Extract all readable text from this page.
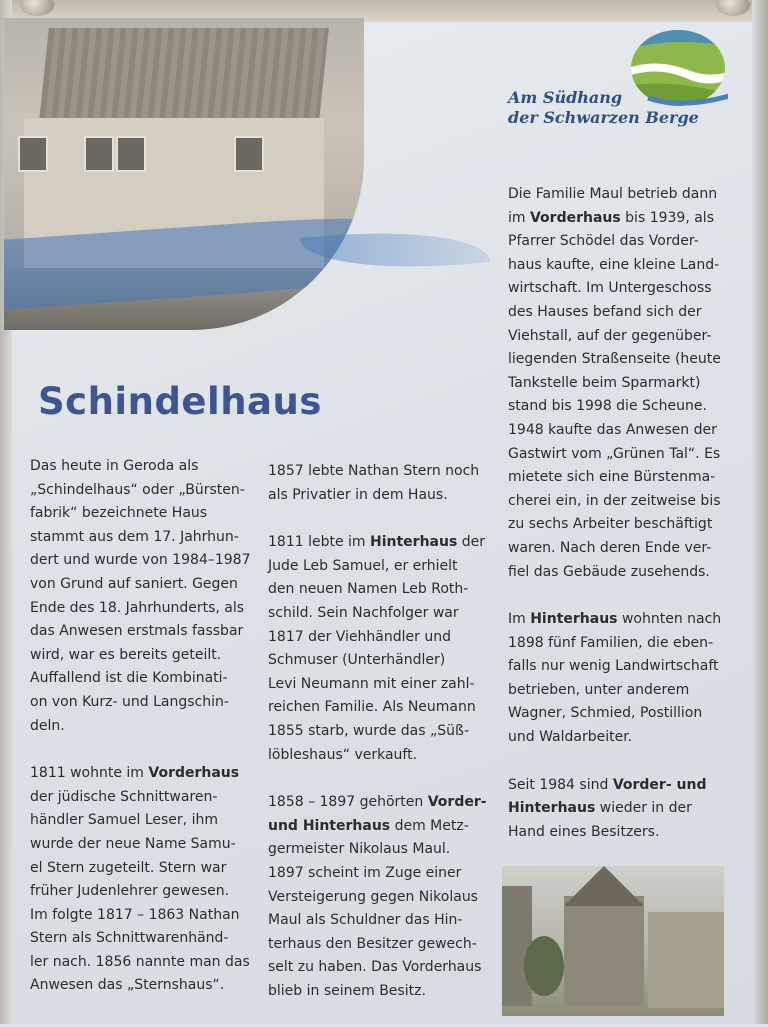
Am Südhang
der Schwarzen Berge
Schindelhaus

Das heute in Geroda als
„Schindelhaus“ oder „Bürsten-
fabrik“ bezeichnete Haus
stammt aus dem 17. Jahrhun-
dert und wurde von 1984–1987
von Grund auf saniert. Gegen
Ende des 18. Jahrhunderts, als
das Anwesen erstmals fassbar
wird, war es bereits geteilt.
Auffallend ist die Kombinati-
on von Kurz- und Langschin-
deln.

1811 wohnte im Vorderhaus
der jüdische Schnittwaren-
händler Samuel Leser, ihm
wurde der neue Name Samu-
el Stern zugeteilt. Stern war
früher Judenlehrer gewesen.
Im folgte 1817 – 1863 Nathan
Stern als Schnittwarenhänd-
ler nach. 1856 nannte man das
Anwesen das „Sternshaus“.

1857 lebte Nathan Stern noch
als Privatier in dem Haus.

1811 lebte im Hinterhaus der
Jude Leb Samuel, er erhielt
den neuen Namen Leb Roth-
schild. Sein Nachfolger war
1817 der Viehhändler und
Schmuser (Unterhändler)
Levi Neumann mit einer zahl-
reichen Familie. Als Neumann
1855 starb, wurde das „Süß-
löbleshaus“ verkauft.

1858 – 1897 gehörten Vorder-
und Hinterhaus dem Metz-
germeister Nikolaus Maul.
1897 scheint im Zuge einer
Versteigerung gegen Nikolaus
Maul als Schuldner das Hin-
terhaus den Besitzer gewech-
selt zu haben. Das Vorderhaus
blieb in seinem Besitz.

Die Familie Maul betrieb dann
im Vorderhaus bis 1939, als
Pfarrer Schödel das Vorder-
haus kaufte, eine kleine Land-
wirtschaft. Im Untergeschoss
des Hauses befand sich der
Viehstall, auf der gegenüber-
liegenden Straßenseite (heute
Tankstelle beim Sparmarkt)
stand bis 1998 die Scheune.
1948 kaufte das Anwesen der
Gastwirt vom „Grünen Tal“. Es
mietete sich eine Bürstenma-
cherei ein, in der zeitweise bis
zu sechs Arbeiter beschäftigt
waren. Nach deren Ende ver-
fiel das Gebäude zusehends.

Im Hinterhaus wohnten nach
1898 fünf Familien, die eben-
falls nur wenig Landwirtschaft
betrieben, unter anderem
Wagner, Schmied, Postillion
und Waldarbeiter.

Seit 1984 sind Vorder- und
Hinterhaus wieder in der
Hand eines Besitzers.
